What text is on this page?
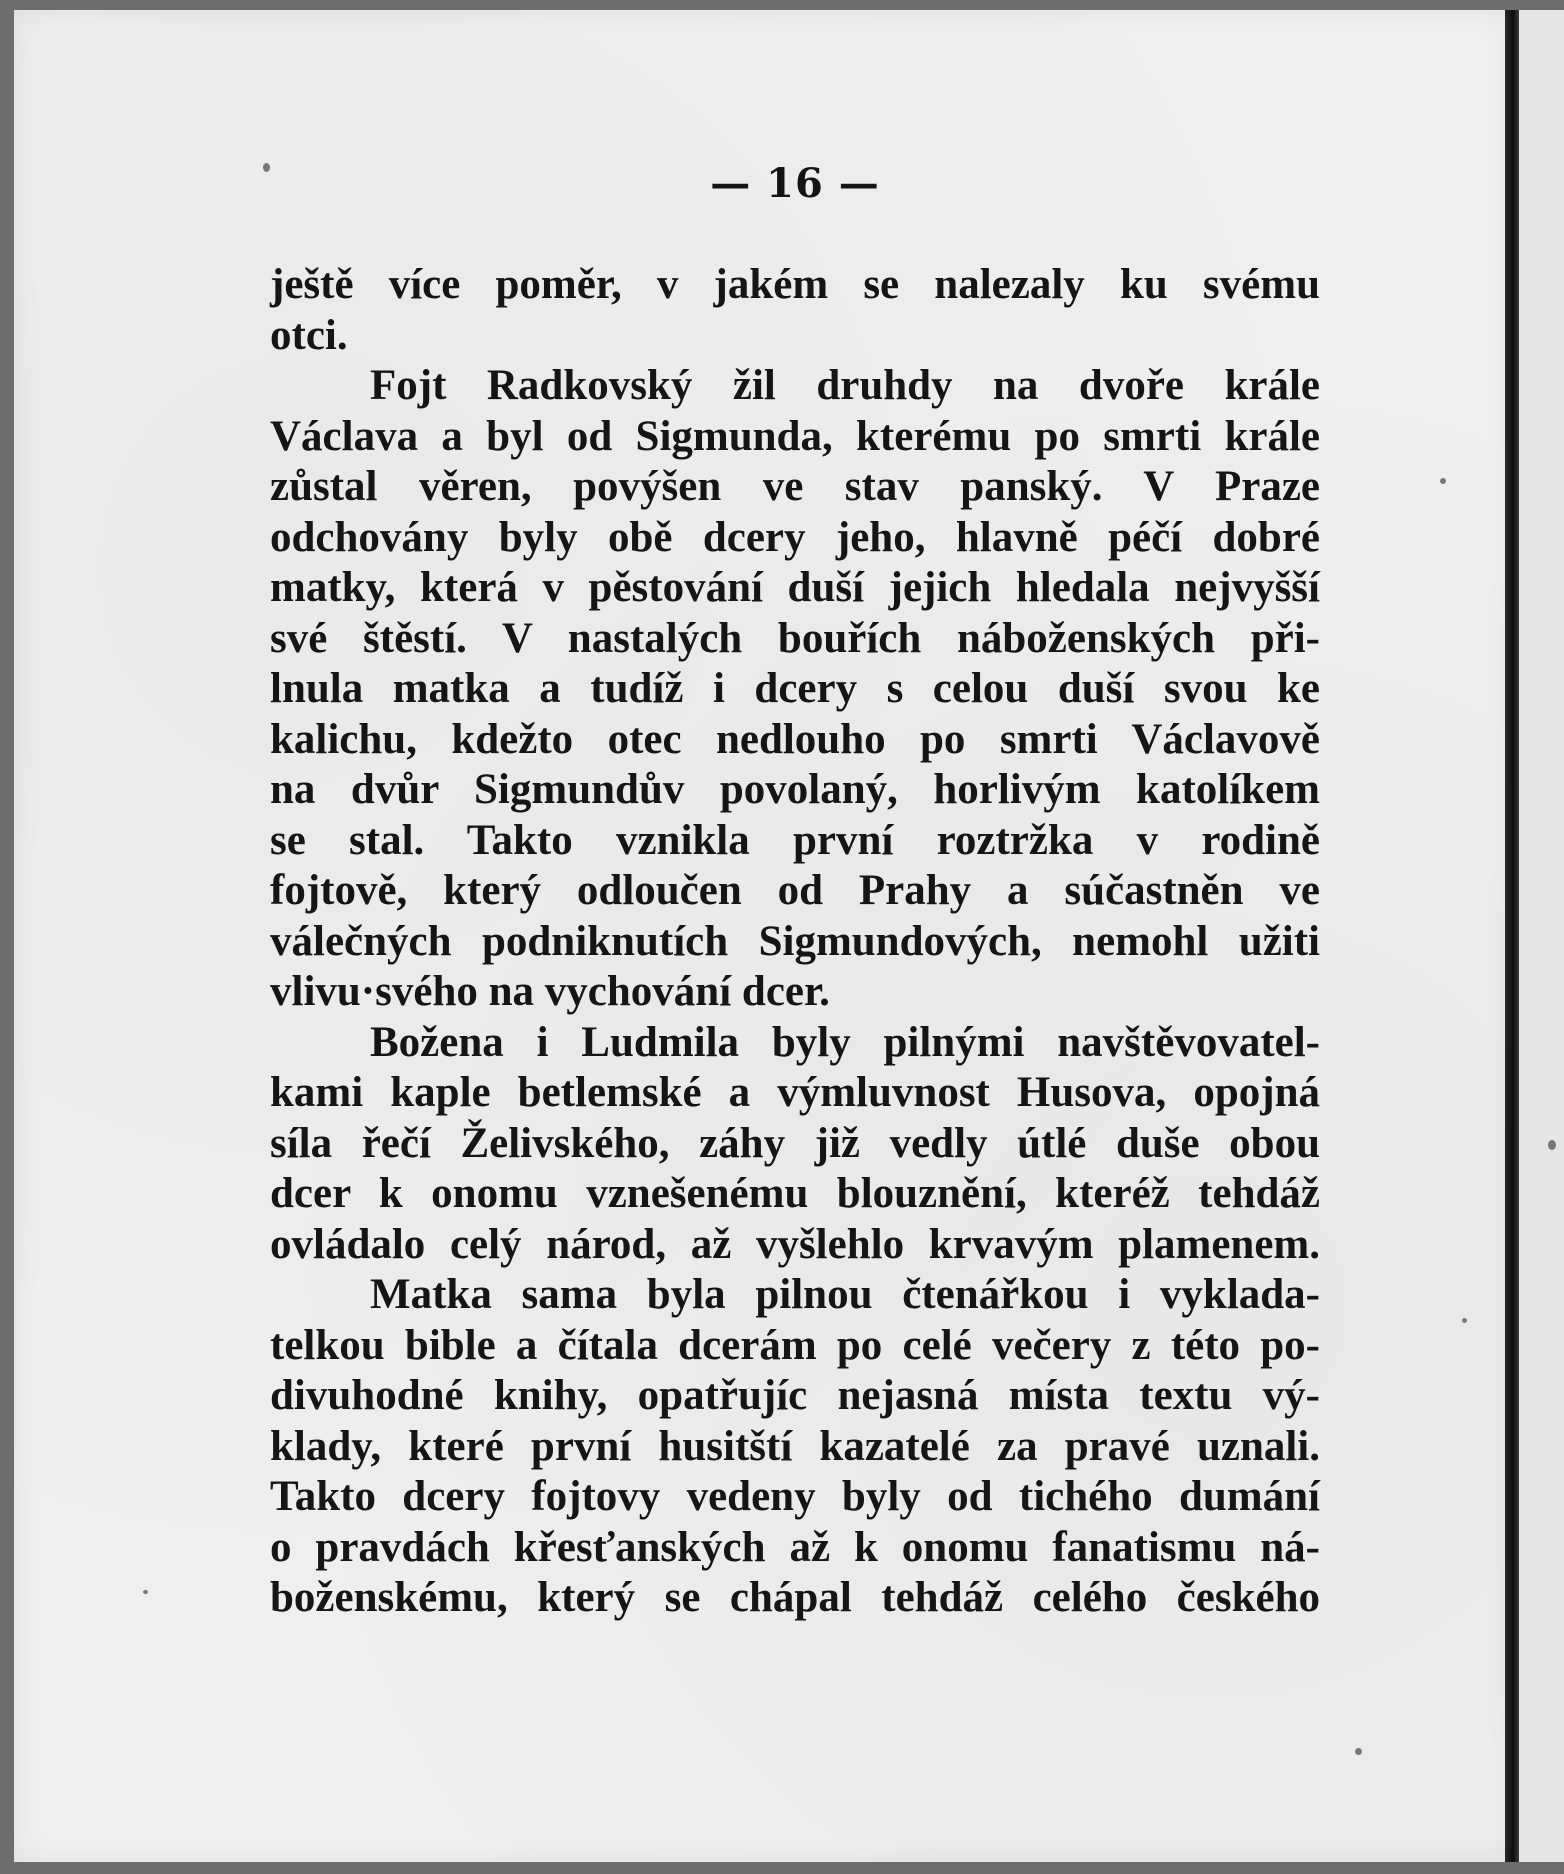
— 16 —
ještě více poměr, v jakém se nalezaly ku svému
otci.
Fojt Radkovský žil druhdy na dvoře krále
Václava a byl od Sigmunda, kterému po smrti krále
zůstal věren, povýšen ve stav panský. V Praze
odchovány byly obě dcery jeho, hlavně péčí dobré
matky, která v pěstování duší jejich hledala nejvyšší
své štěstí. V nastalých bouřích náboženských při-
lnula matka a tudíž i dcery s celou duší svou ke
kalichu, kdežto otec nedlouho po smrti Václavově
na dvůr Sigmundův povolaný, horlivým katolíkem
se stal. Takto vznikla první roztržka v rodině
fojtově, který odloučen od Prahy a súčastněn ve
válečných podniknutích Sigmundových, nemohl užiti
vlivu·svého na vychování dcer.
Božena i Ludmila byly pilnými navštěvovatel-
kami kaple betlemské a výmluvnost Husova, opojná
síla řečí Želivského, záhy již vedly útlé duše obou
dcer k onomu vznešenému blouznění, kteréž tehdáž
ovládalo celý národ, až vyšlehlo krvavým plamenem.
Matka sama byla pilnou čtenářkou i vyklada-
telkou bible a čítala dcerám po celé večery z této po-
divuhodné knihy, opatřujíc nejasná místa textu vý-
klady, které první husitští kazatelé za pravé uznali.
Takto dcery fojtovy vedeny byly od tichého dumání
o pravdách křesťanských až k onomu fanatismu ná-
boženskému, který se chápal tehdáž celého českého
